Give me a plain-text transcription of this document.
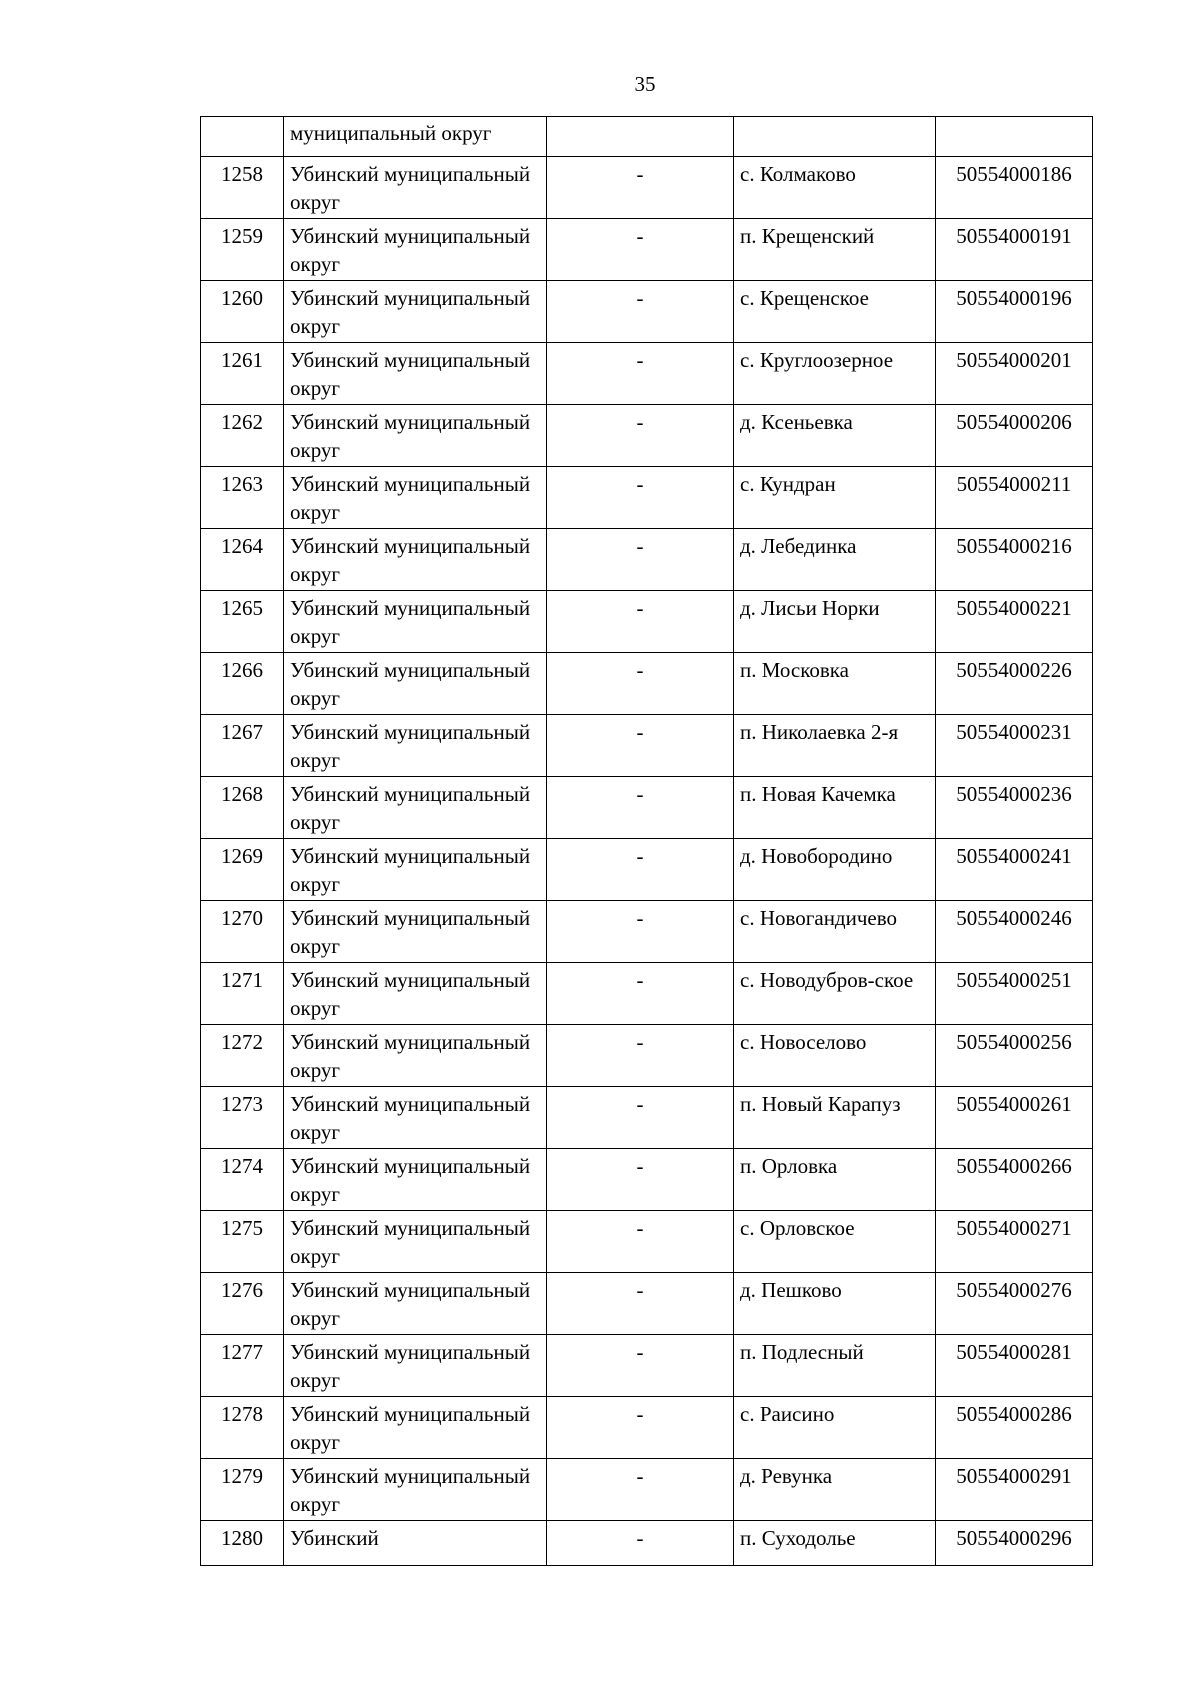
35
	муниципальный округ			
1258	Убинский муниципальный округ	-	с. Колмаково	50554000186
1259	Убинский муниципальный округ	-	п. Крещенский	50554000191
1260	Убинский муниципальный округ	-	с. Крещенское	50554000196
1261	Убинский муниципальный округ	-	с. Круглоозерное	50554000201
1262	Убинский муниципальный округ	-	д. Ксеньевка	50554000206
1263	Убинский муниципальный округ	-	с. Кундран	50554000211
1264	Убинский муниципальный округ	-	д. Лебединка	50554000216
1265	Убинский муниципальный округ	-	д. Лисьи Норки	50554000221
1266	Убинский муниципальный округ	-	п. Московка	50554000226
1267	Убинский муниципальный округ	-	п. Николаевка 2-я	50554000231
1268	Убинский муниципальный округ	-	п. Новая Качемка	50554000236
1269	Убинский муниципальный округ	-	д. Новобородино	50554000241
1270	Убинский муниципальный округ	-	с. Новогандичево	50554000246
1271	Убинский муниципальный округ	-	с. Новодубров-ское	50554000251
1272	Убинский муниципальный округ	-	с. Новоселово	50554000256
1273	Убинский муниципальный округ	-	п. Новый Карапуз	50554000261
1274	Убинский муниципальный округ	-	п. Орловка	50554000266
1275	Убинский муниципальный округ	-	с. Орловское	50554000271
1276	Убинский муниципальный округ	-	д. Пешково	50554000276
1277	Убинский муниципальный округ	-	п. Подлесный	50554000281
1278	Убинский муниципальный округ	-	с. Раисино	50554000286
1279	Убинский муниципальный округ	-	д. Ревунка	50554000291
1280	Убинский	-	п. Суходолье	50554000296
